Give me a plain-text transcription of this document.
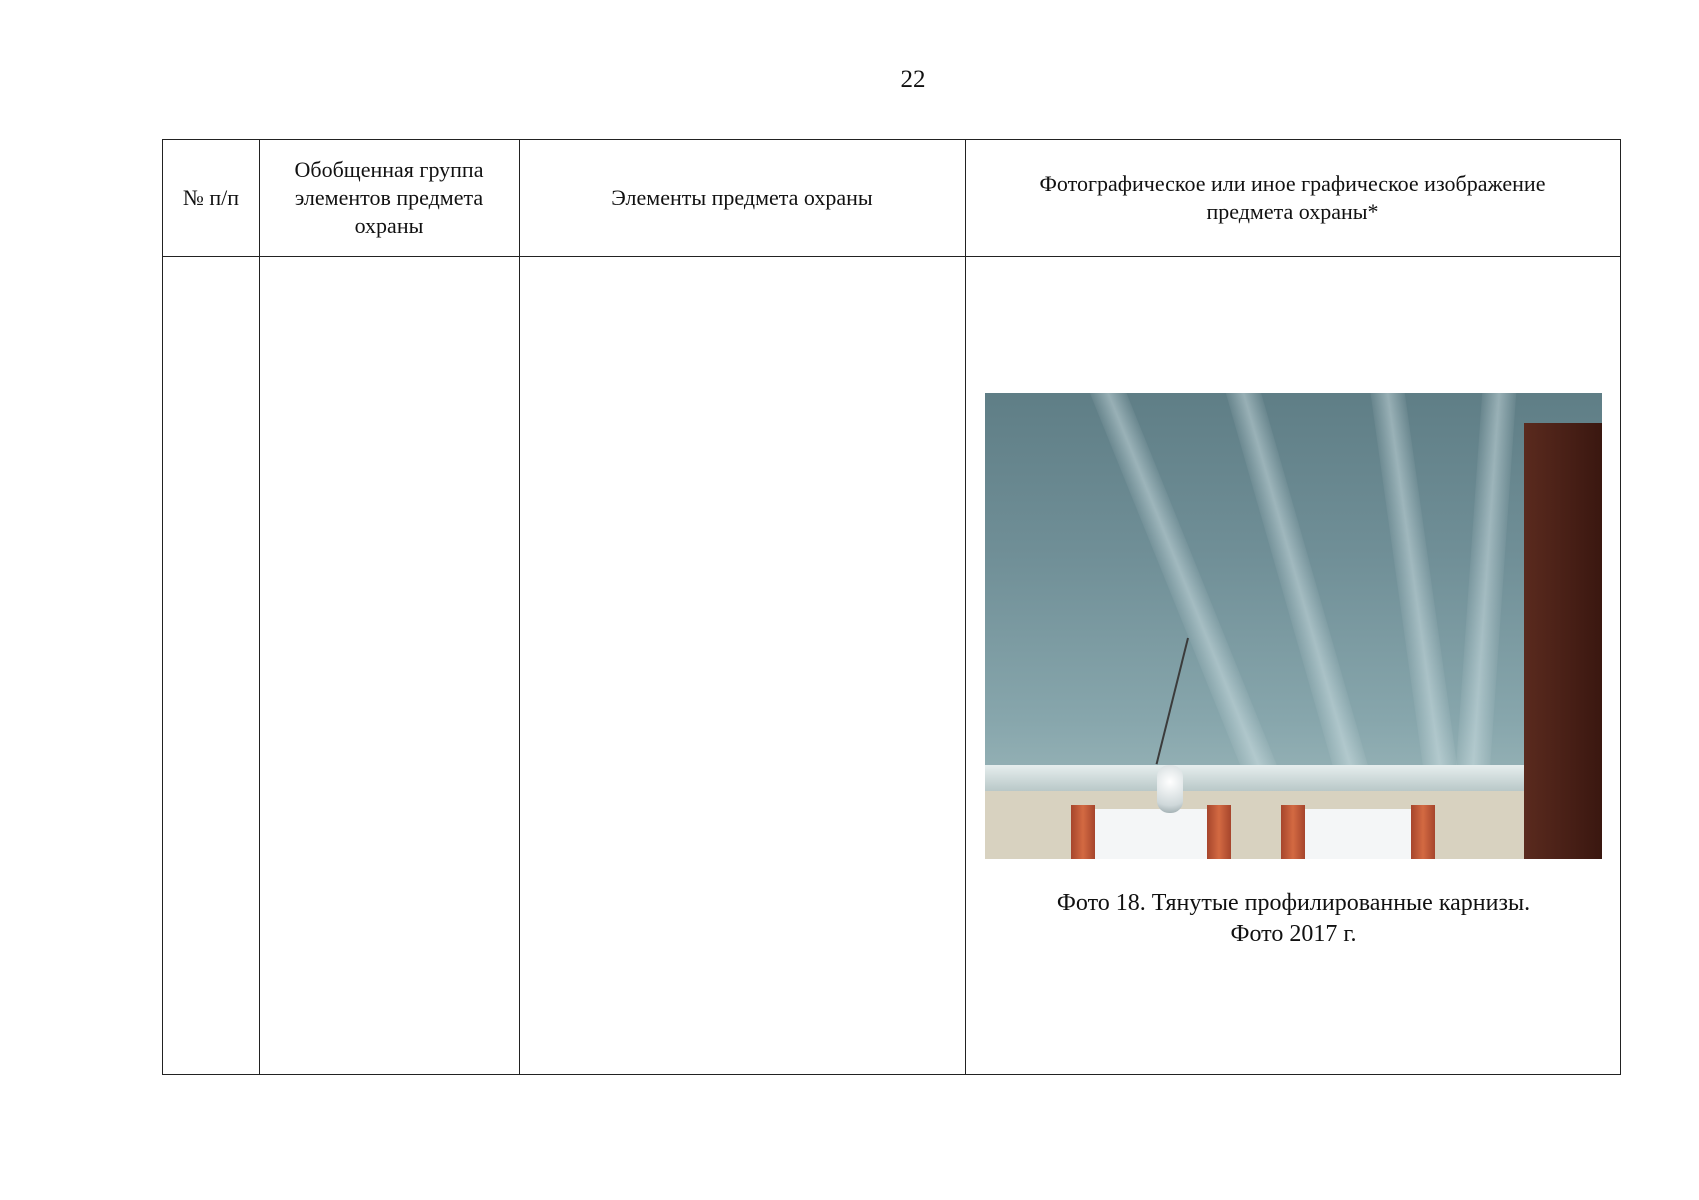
22
№ п/п
Обобщенная группа элементов предмета охраны
Элементы предмета охраны
Фотографическое или иное графическое изображение предмета охраны*
Фото 18. Тянутые профилированные карнизы.
Фото 2017 г.
